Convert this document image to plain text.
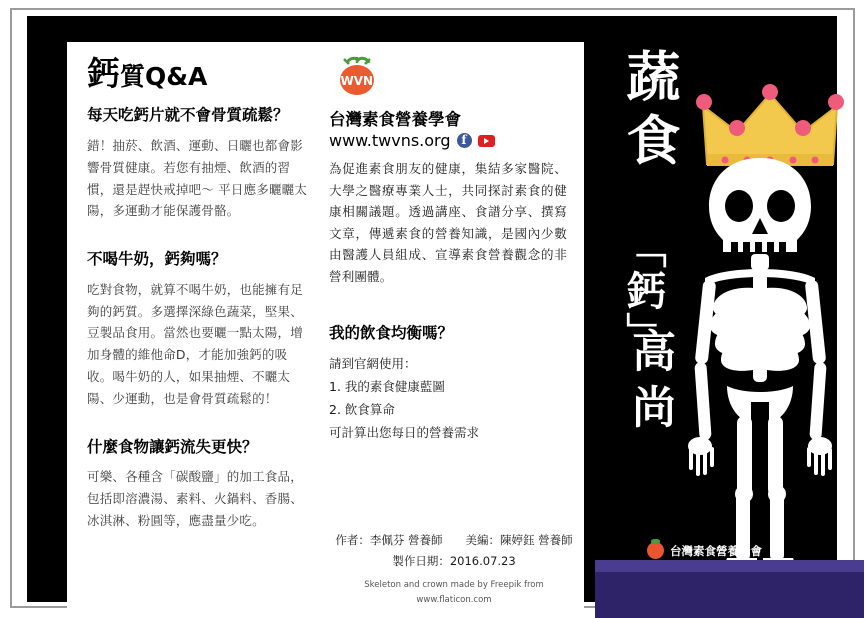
鈣質Q&A
每天吃鈣片就不會骨質疏鬆？
錯！抽菸、飲酒、運動、日曬也都會影響骨質健康。若您有抽煙、飲酒的習慣，還是趕快戒掉吧～ 平日應多曬曬太陽，多運動才能保護骨骼。
不喝牛奶，鈣夠嗎？
吃對食物，就算不喝牛奶，也能擁有足夠的鈣質。多選擇深綠色蔬菜，堅果、豆製品食用。當然也要曬一點太陽，增加身體的維他命D，才能加強鈣的吸收。喝牛奶的人，如果抽煙、不曬太陽、少運動，也是會骨質疏鬆的！
什麼食物讓鈣流失更快？
可樂、各種含「碳酸鹽」的加工食品，包括即溶濃湯、素料、火鍋料、香腸、冰淇淋、粉圓等，應盡量少吃。
TWVNS
台灣素食營養學會
www.twvns.org f
為促進素食朋友的健康，集結多家醫院、大學之醫療專業人士，共同探討素食的健康相關議題。透過講座、食譜分享、撰寫文章，傳遞素食的營養知識，是國內少數由醫護人員組成、宣導素食營養觀念的非營利團體。
我的飲食均衡嗎？
請到官網使用：
1. 我的素食健康藍圖
2. 飲食算命
可計算出您每日的營養需求
作者：李佩芬 營養師　　美編：陳婷鈺 營養師
製作日期：2016.07.23
Skeleton and crown made by Freepik from www.flaticon.com
蔬食
「鈣」
高尚
台灣素食營養學會
